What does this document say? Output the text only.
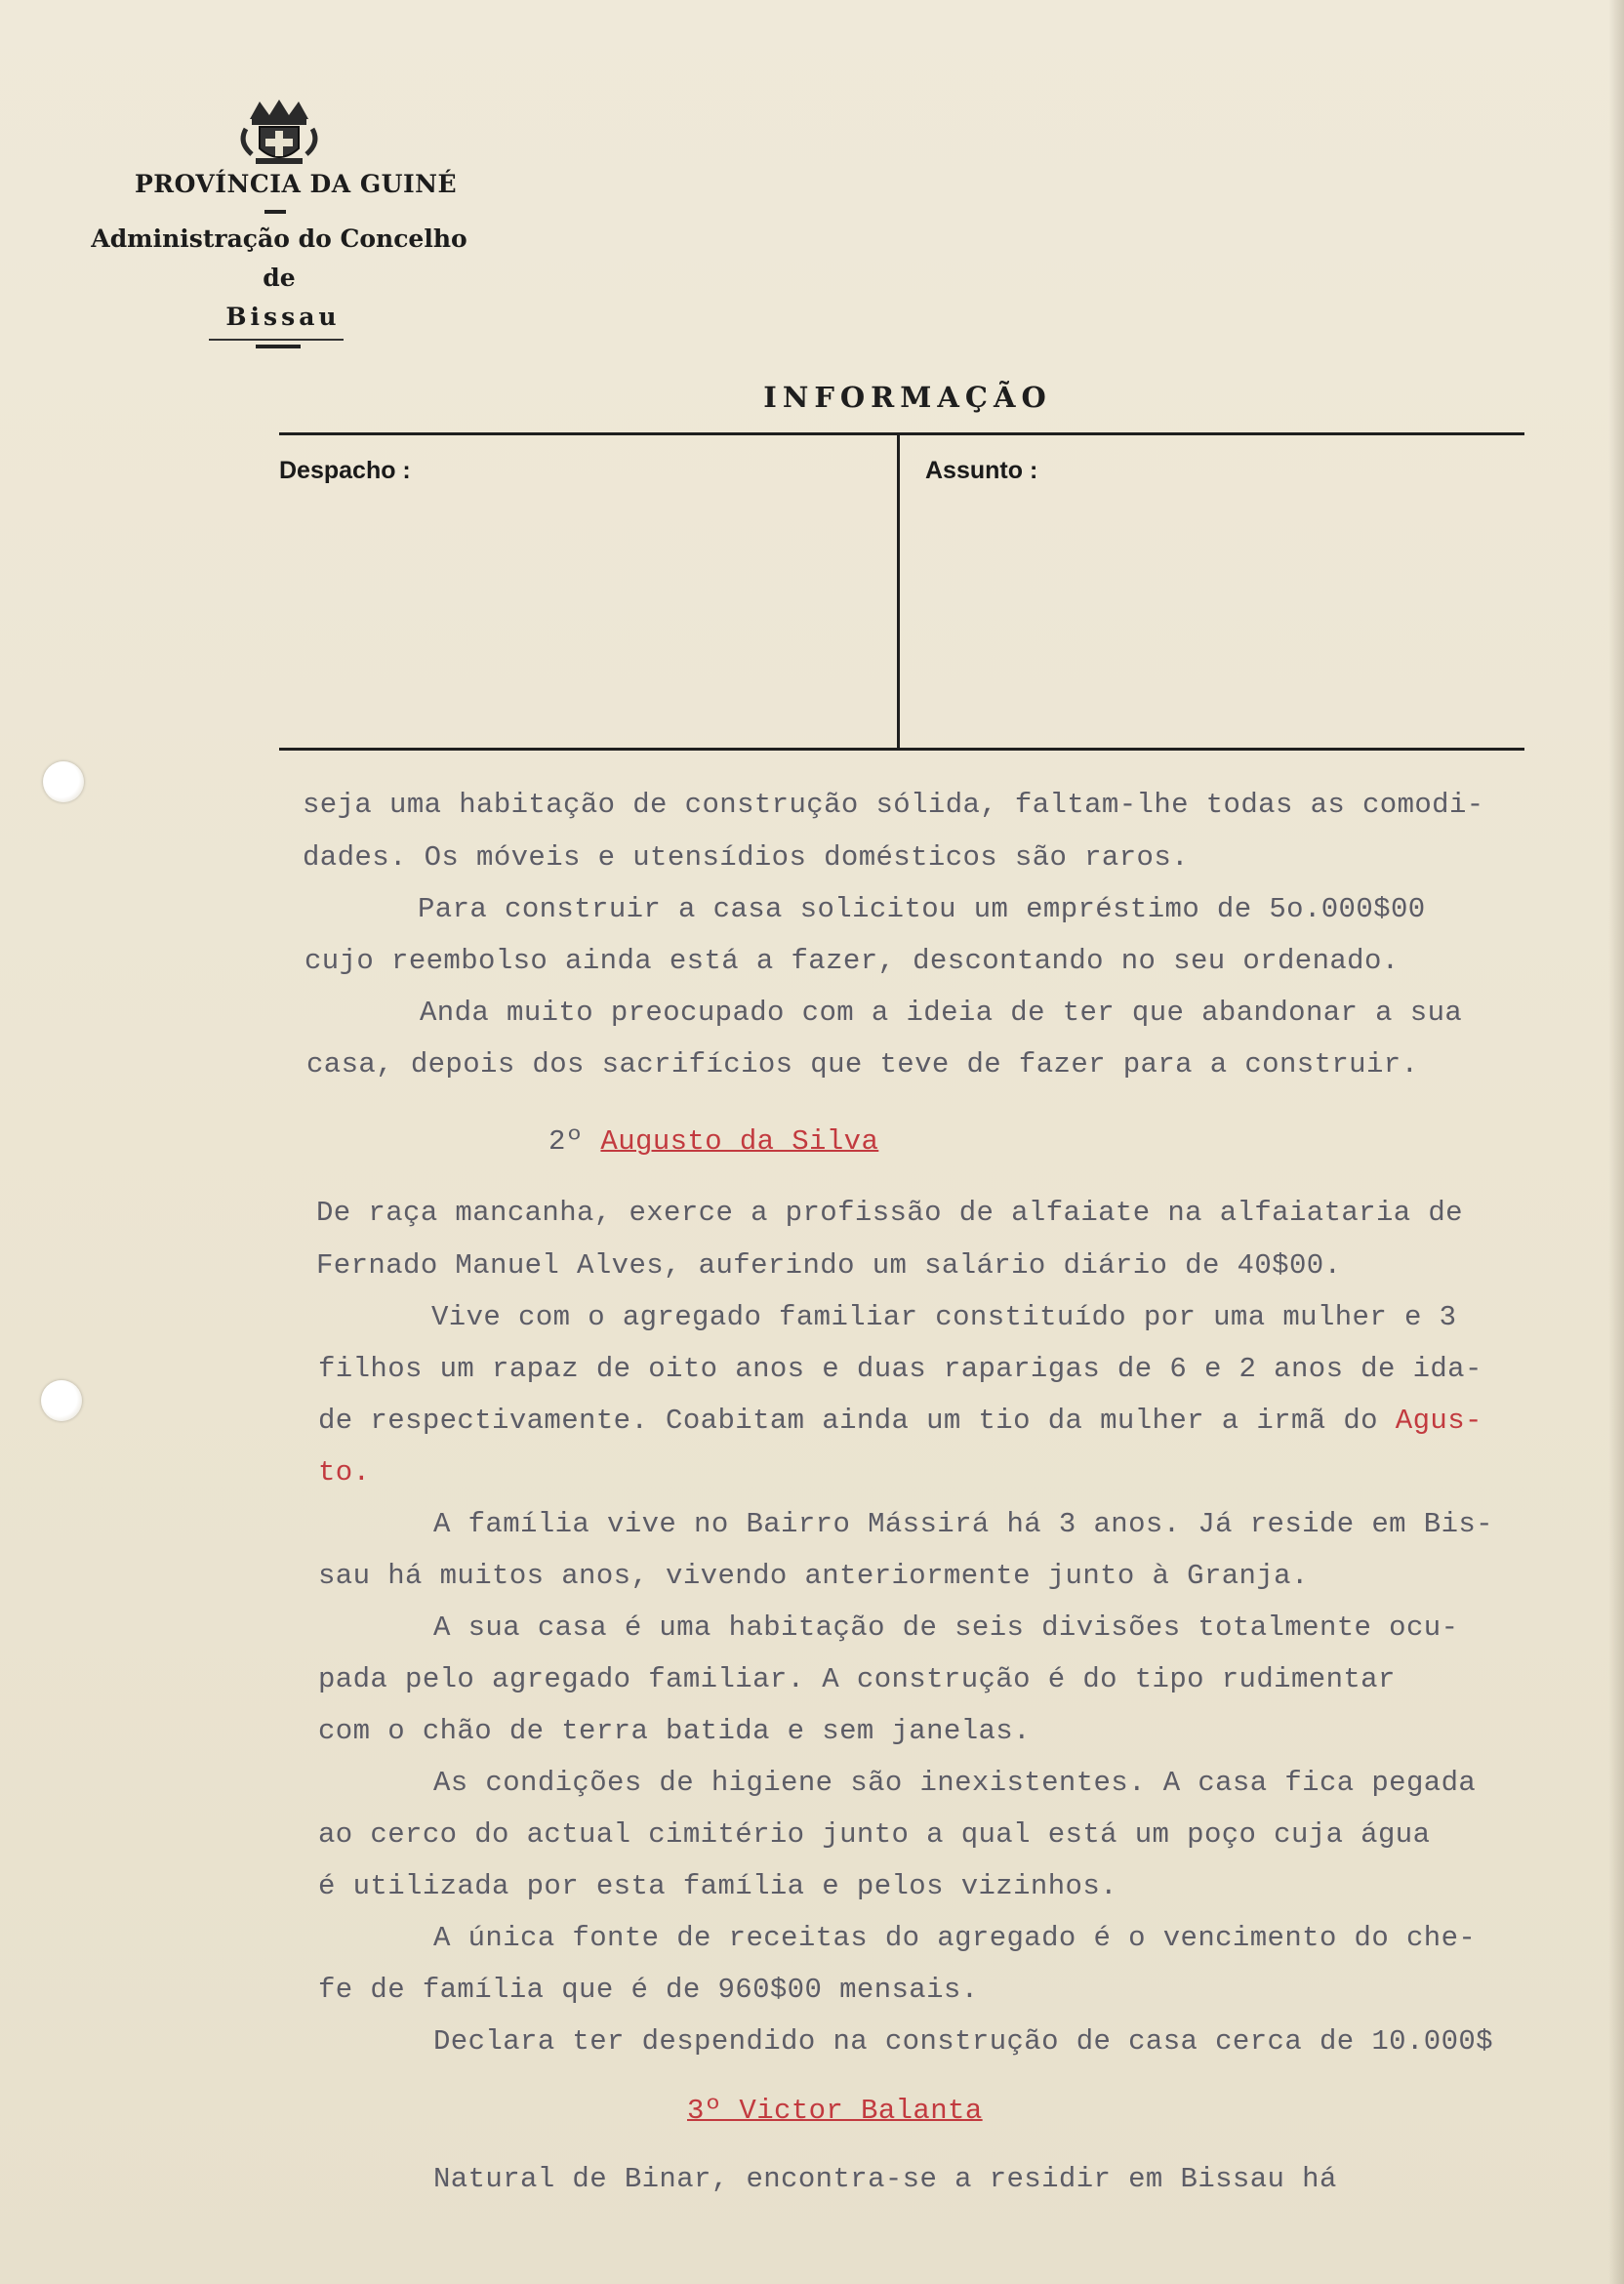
PROVÍNCIA DA GUINÉ
Administração do Concelho
de
Bissau
INFORMAÇÃO
Despacho :	Assunto :
seja uma habitação de construção sólida, faltam-lhe todas as comodi-
dades. Os móveis e utensídios domésticos são raros.
Para construir a casa solicitou um empréstimo de 5o.000$00
cujo reembolso ainda está a fazer, descontando no seu ordenado.
Anda muito preocupado com a ideia de ter que abandonar a sua
casa, depois dos sacrifícios que teve de fazer para a construir.
2º Augusto da Silva
De raça mancanha, exerce a profissão de alfaiate na alfaiataria de
Fernado Manuel Alves, auferindo um salário diário de 40$00.
Vive com o agregado familiar constituído por uma mulher e 3
filhos um rapaz de oito anos e duas raparigas de 6 e 2 anos de ida-
de respectivamente. Coabitam ainda um tio da mulher a irmã do Agus-
to.
A família vive no Bairro Mássirá há 3 anos. Já reside em Bis-
sau há muitos anos, vivendo anteriormente junto à Granja.
A sua casa é uma habitação de seis divisões totalmente ocu-
pada pelo agregado familiar. A construção é do tipo rudimentar
com o chão de terra batida e sem janelas.
As condições de higiene são inexistentes. A casa fica pegada
ao cerco do actual cimitério junto a qual está um poço cuja água
é utilizada por esta família e pelos vizinhos.
A única fonte de receitas do agregado é o vencimento do che-
fe de família que é de 960$00 mensais.
Declara ter despendido na construção de casa cerca de 10.000$
3º Victor Balanta
Natural de Binar, encontra-se a residir em Bissau há
